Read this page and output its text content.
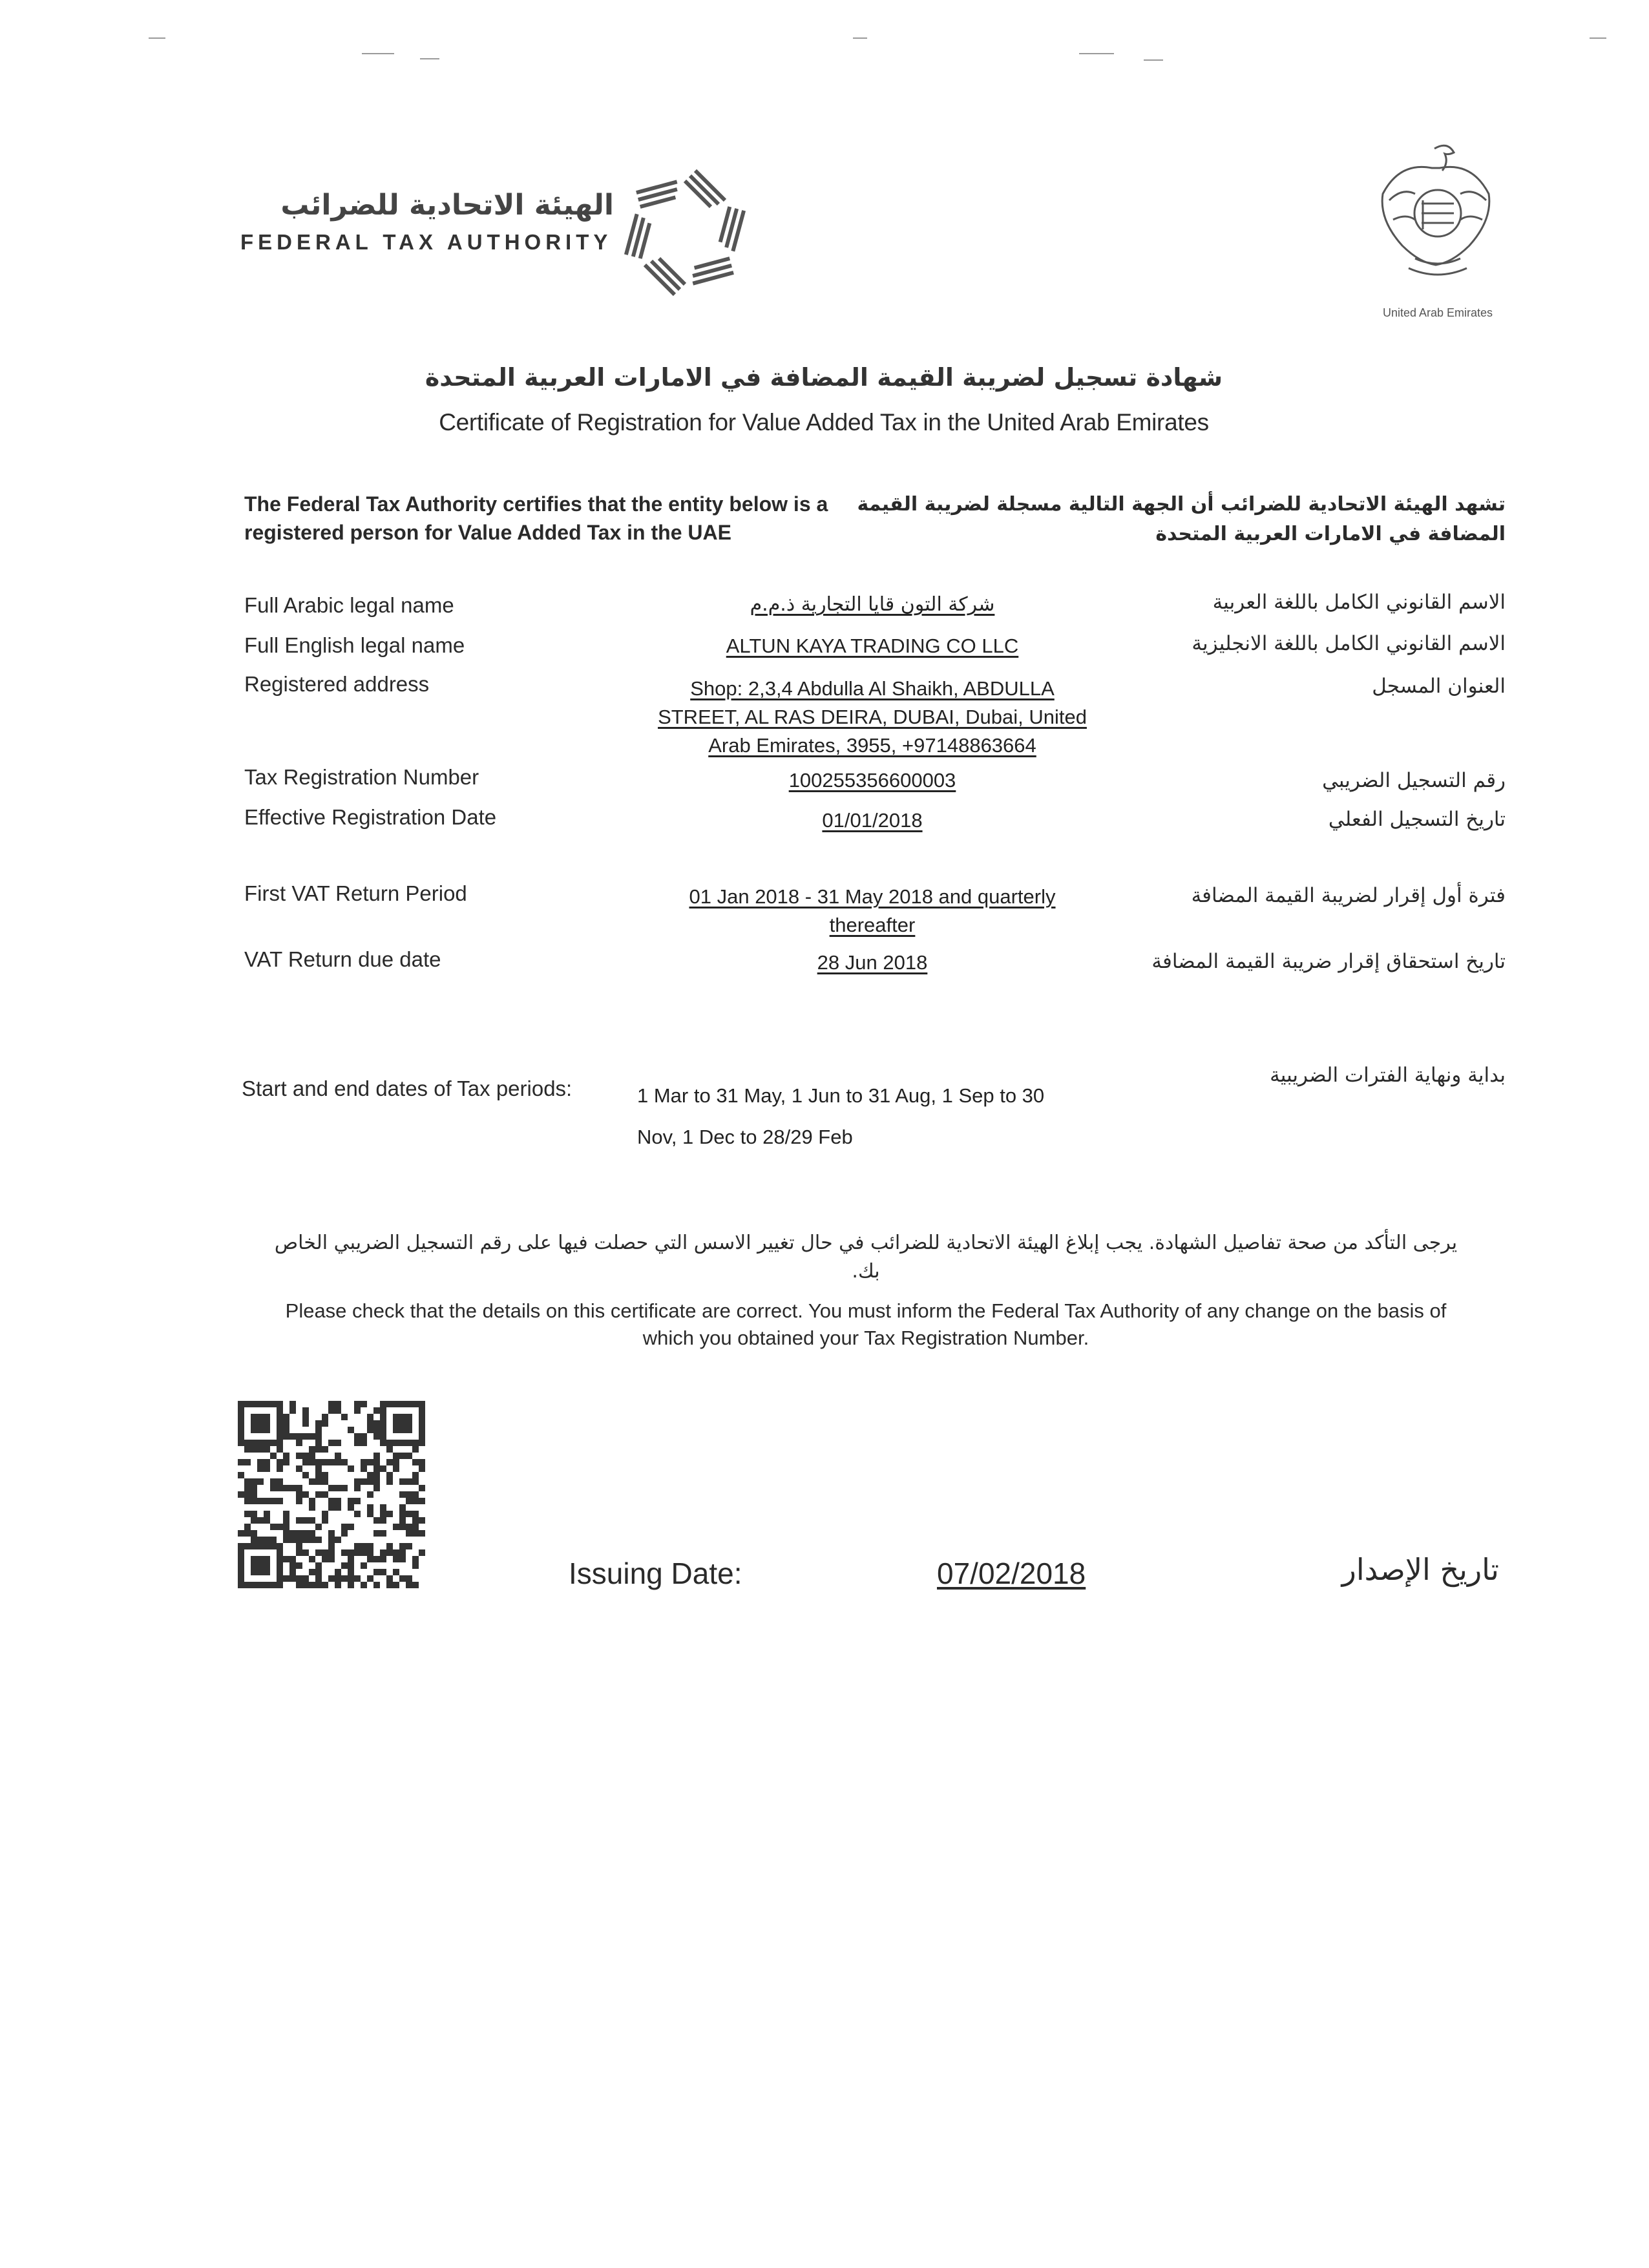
الهيئة الاتحادية للضرائب
FEDERAL TAX AUTHORITY
United Arab Emirates
شهادة تسجيل لضريبة القيمة المضافة في الامارات العربية المتحدة
Certificate of Registration for Value Added Tax in the United Arab Emirates
The Federal Tax Authority certifies that the entity below is a registered person for Value Added Tax in the UAE
تشهد الهيئة الاتحادية للضرائب أن الجهة التالية مسجلة لضريبة القيمة المضافة في الامارات العربية المتحدة
Full Arabic legal name	شركة التون قايا التجارية ذ.م.م	الاسم القانوني الكامل باللغة العربية
Full English legal name	ALTUN KAYA TRADING CO LLC	الاسم القانوني الكامل باللغة الانجليزية
Registered address	Shop: 2,3,4 Abdulla Al Shaikh, ABDULLA
STREET, AL RAS DEIRA, DUBAI, Dubai, United
Arab Emirates, 3955, +97148863664
العنوان المسجل
Tax Registration Number	100255356600003	رقم التسجيل الضريبي
Effective Registration Date	01/01/2018	تاريخ التسجيل الفعلي
First VAT Return Period	01 Jan 2018 - 31 May 2018 and quarterly
thereafter
فترة أول إقرار لضريبة القيمة المضافة
VAT Return due date	28 Jun 2018	تاريخ استحقاق إقرار ضريبة القيمة المضافة
Start and end dates of Tax periods:	1 Mar to 31 May, 1 Jun to 31 Aug, 1 Sep to 30
Nov, 1 Dec to 28/29 Feb
بداية ونهاية الفترات الضريبية
يرجى التأكد من صحة تفاصيل الشهادة. يجب إبلاغ الهيئة الاتحادية للضرائب في حال تغيير الاسس التي حصلت فيها على رقم التسجيل الضريبي الخاص بك.
Please check that the details on this certificate are correct. You must inform the Federal Tax Authority of any change on the basis of which you obtained your Tax Registration Number.
Issuing Date:	07/02/2018	تاريخ الإصدار
